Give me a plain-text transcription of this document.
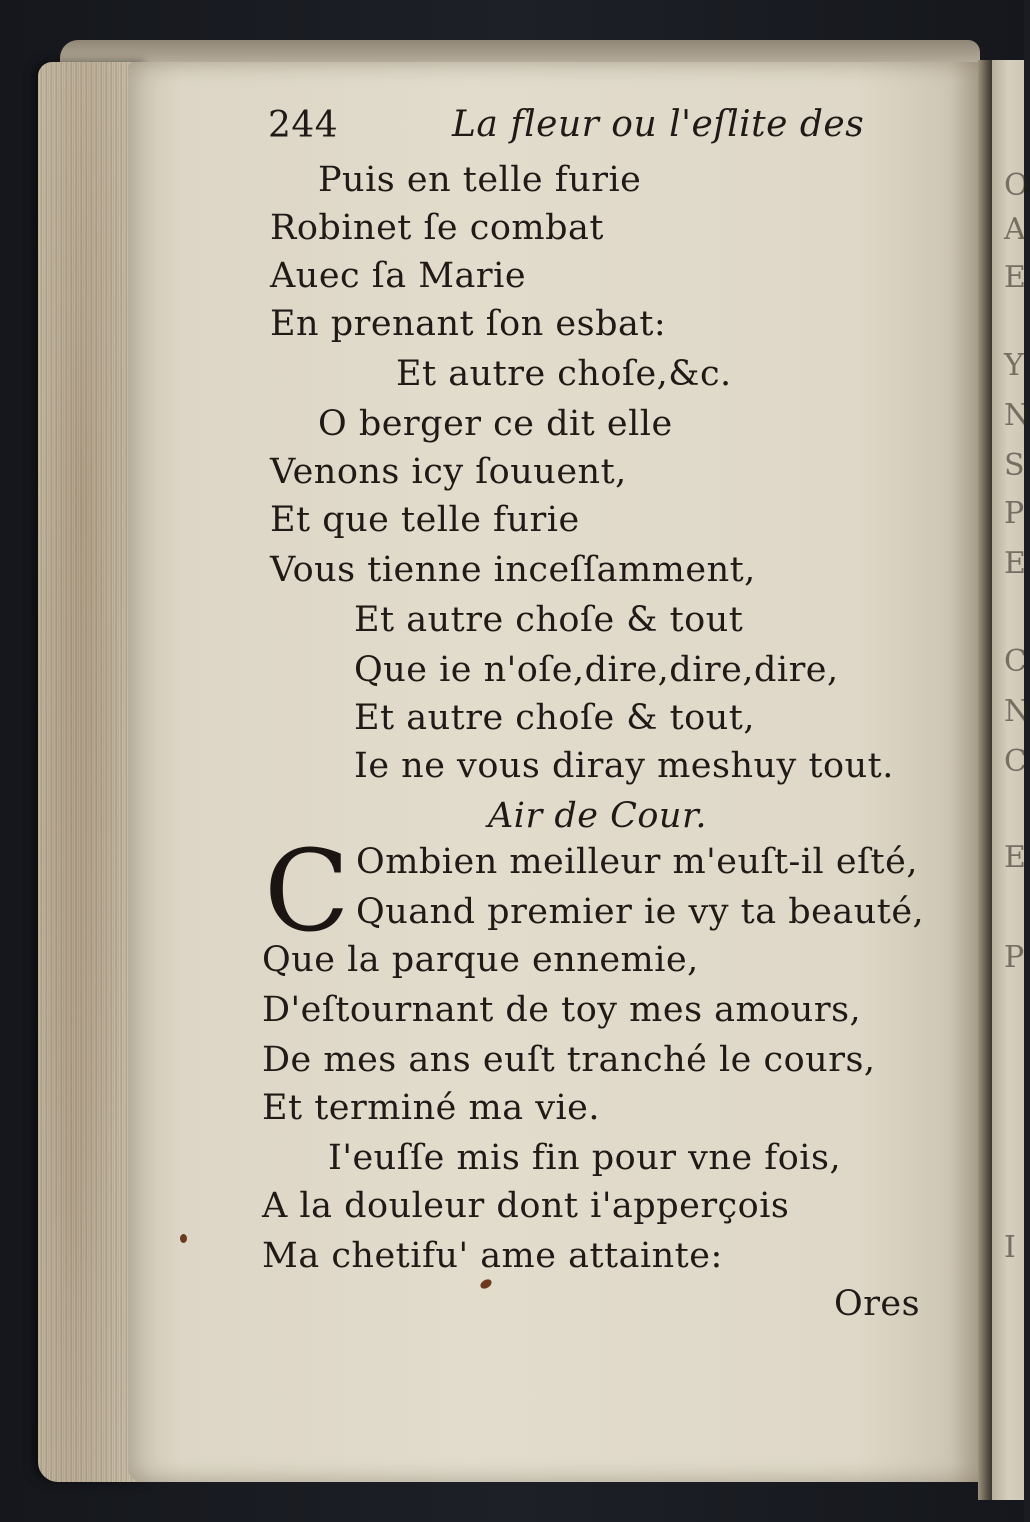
O
A
E
Y
N
S
P
E
C
N
C
E
P
I
244	La fleur ou l'eſlite des
Puis en telle furie
Robinet ſe combat
Auec ſa Marie
En prenant ſon esbat:
Et autre choſe,&c.
O berger ce dit elle
Venons icy ſouuent,
Et que telle furie
Vous tienne inceſſamment,
Et autre choſe & tout
Que ie n'oſe,dire,dire,dire,
Et autre choſe & tout,
Ie ne vous diray meshuy tout.
Air de Cour.
C Ombien meilleur m'euſt-il eſté,
Quand premier ie vy ta beauté,
Que la parque ennemie,
D'eſtournant de toy mes amours,
De mes ans euſt tranché le cours,
Et terminé ma vie.
I'euſſe mis fin pour vne fois,
A la douleur dont i'apperçois
Ma chetifu' ame attainte:
Ores
